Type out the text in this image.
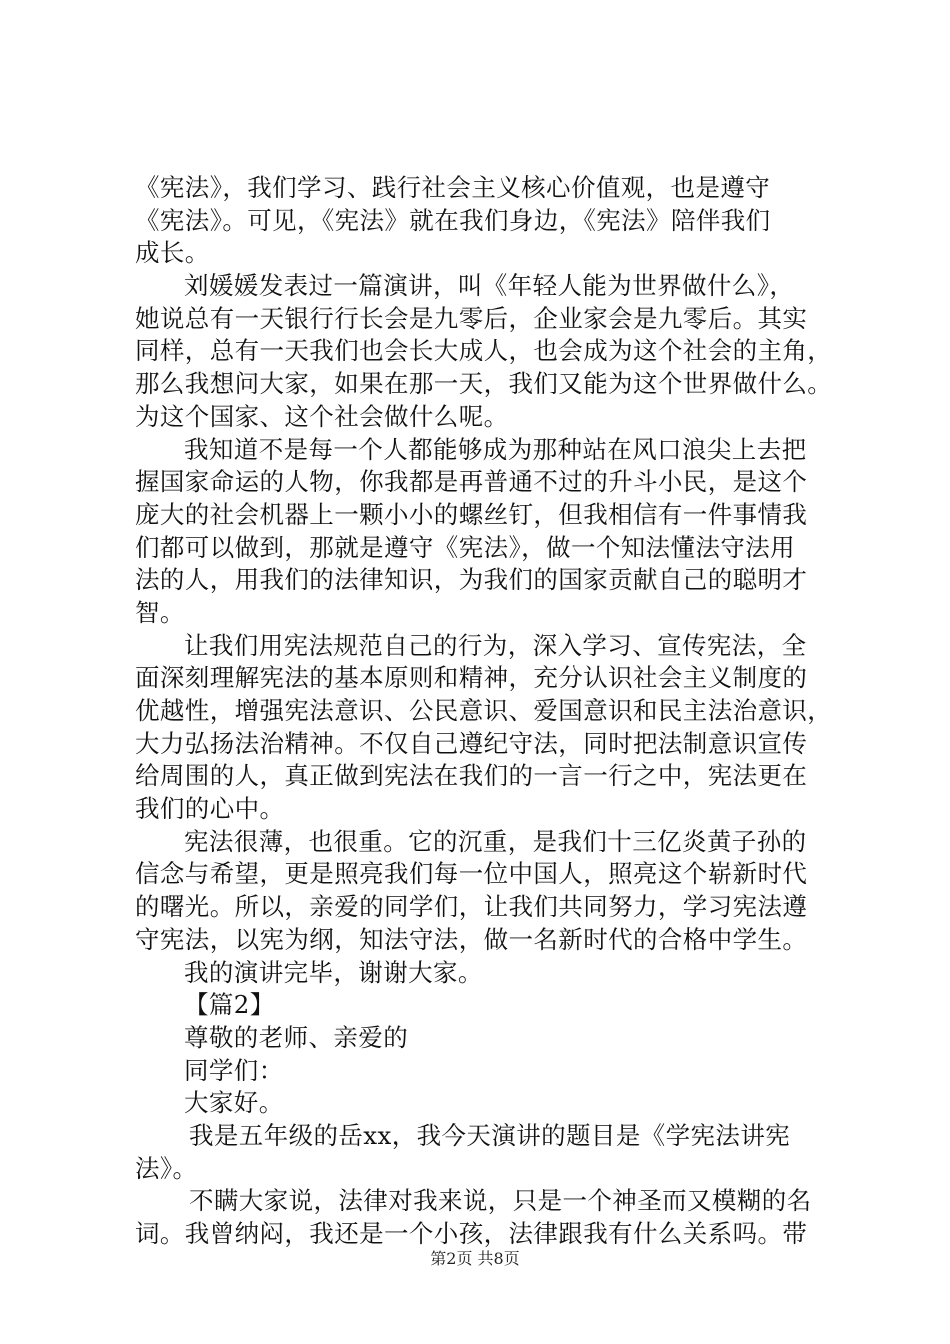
《宪法》，我们学习、践行社会主义核心价值观，也是遵守
《宪法》。可见，《宪法》就在我们身边，《宪法》陪伴我们
成长。
刘媛媛发表过一篇演讲，叫《年轻人能为世界做什么》，
她说总有一天银行行长会是九零后，企业家会是九零后。其实
同样，总有一天我们也会长大成人，也会成为这个社会的主角，
那么我想问大家，如果在那一天，我们又能为这个世界做什么。
为这个国家、这个社会做什么呢。
我知道不是每一个人都能够成为那种站在风口浪尖上去把
握国家命运的人物，你我都是再普通不过的升斗小民，是这个
庞大的社会机器上一颗小小的螺丝钉，但我相信有一件事情我
们都可以做到，那就是遵守《宪法》，做一个知法懂法守法用
法的人，用我们的法律知识，为我们的国家贡献自己的聪明才
智。
让我们用宪法规范自己的行为，深入学习、宣传宪法，全
面深刻理解宪法的基本原则和精神，充分认识社会主义制度的
优越性，增强宪法意识、公民意识、爱国意识和民主法治意识，
大力弘扬法治精神。不仅自己遵纪守法，同时把法制意识宣传
给周围的人，真正做到宪法在我们的一言一行之中，宪法更在
我们的心中。
宪法很薄，也很重。它的沉重，是我们十三亿炎黄子孙的
信念与希望，更是照亮我们每一位中国人，照亮这个崭新时代
的曙光。所以，亲爱的同学们，让我们共同努力，学习宪法遵
守宪法，以宪为纲，知法守法，做一名新时代的合格中学生。
我的演讲完毕，谢谢大家。
【篇2】
尊敬的老师、亲爱的
同学们：
大家好。
我是五年级的岳xx，我今天演讲的题目是《学宪法讲宪
法》。
不瞒大家说，法律对我来说，只是一个神圣而又模糊的名
词。我曾纳闷，我还是一个小孩，法律跟我有什么关系吗。带
第2页 共8页
